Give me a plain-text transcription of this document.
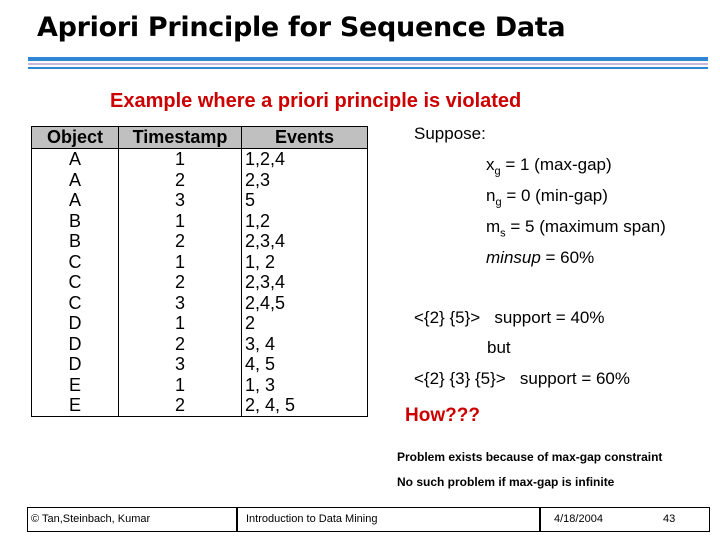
Apriori Principle for Sequence Data
Example where a priori principle is violated
Object	Timestamp	Events
A	1	1,2,4
A	2	2,3
A	3	5
B	1	1,2
B	2	2,3,4
C	1	1, 2
C	2	2,3,4
C	3	2,4,5
D	1	2
D	2	3, 4
D	3	4, 5
E	1	1, 3
E	2	2, 4, 5
Suppose:
$x_g = 1$ (max-gap)
$n_g = 0$ (min-gap)
$m_s = 5$ (maximum span)
minsup = 60%
<{2} {5}>   support = 40%
but
<{2} {3} {5}>   support = 60%
How???
Problem exists because of max-gap constraint
No such problem if max-gap is infinite
© Tan,Steinbach, Kumar	Introduction to Data Mining	4/18/2004	43
